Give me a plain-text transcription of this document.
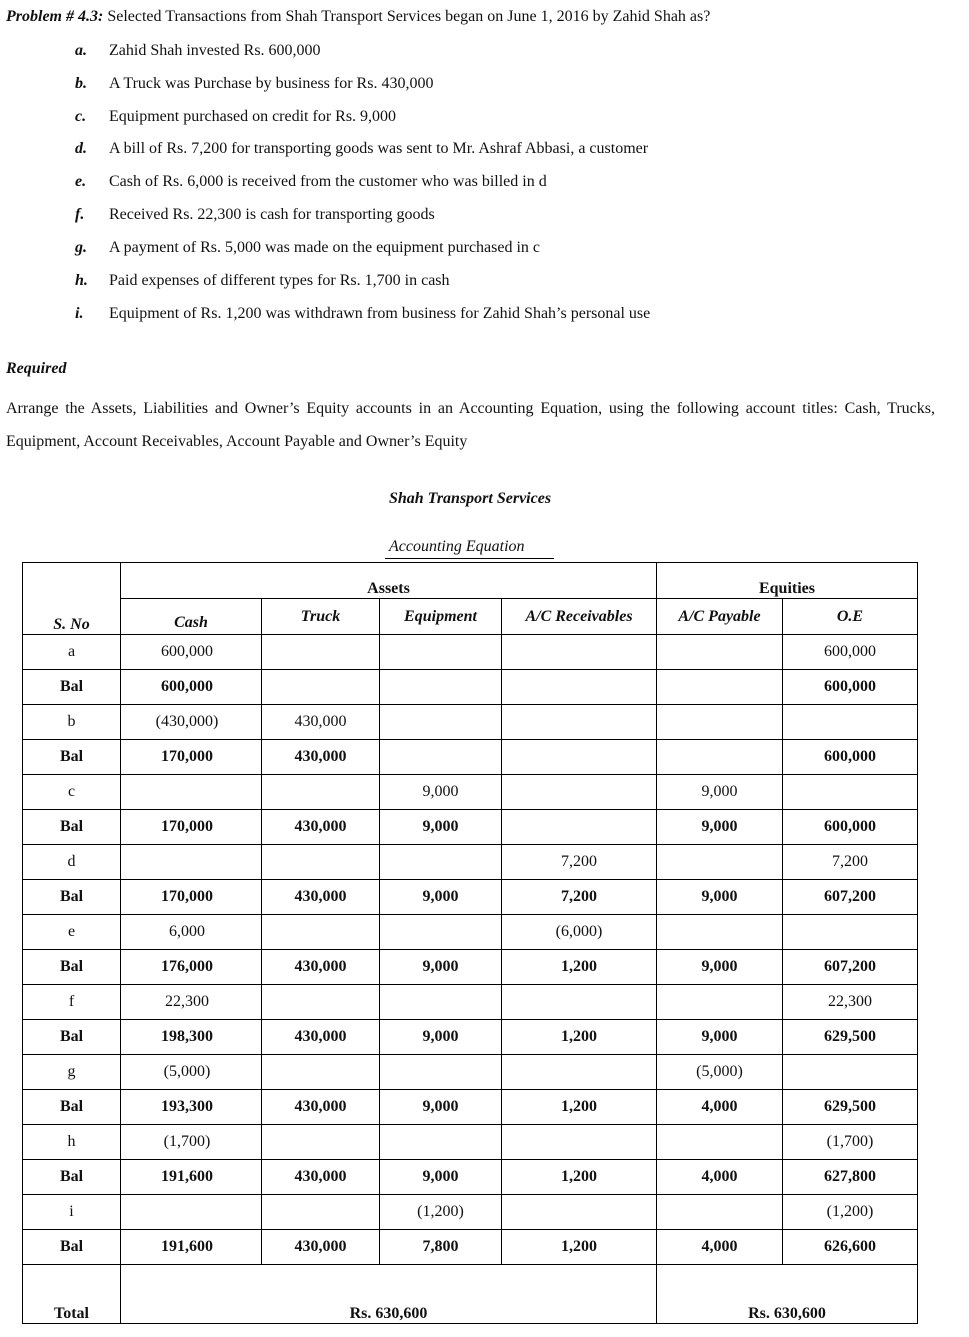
Problem # 4.3: Selected Transactions from Shah Transport Services began on June 1, 2016 by Zahid Shah as?
a. Zahid Shah invested Rs. 600,000
b. A Truck was Purchase by business for Rs. 430,000
c. Equipment purchased on credit for Rs. 9,000
d. A bill of Rs. 7,200 for transporting goods was sent to Mr. Ashraf Abbasi, a customer
e. Cash of Rs. 6,000 is received from the customer who was billed in d
f. Received Rs. 22,300 is cash for transporting goods
g. A payment of Rs. 5,000 was made on the equipment purchased in c
h. Paid expenses of different types for Rs. 1,700 in cash
i. Equipment of Rs. 1,200 was withdrawn from business for Zahid Shah’s personal use
Required
Arrange the Assets, Liabilities and Owner’s Equity accounts in an Accounting Equation, using the following account titles: Cash, Trucks, Equipment, Account Receivables, Account Payable and Owner’s Equity
Shah Transport Services
Accounting Equation
	Assets				Equities	
S. No	Cash	Truck	Equipment	A/C Receivables	A/C Payable	O.E
a	600,000					600,000
Bal	600,000					600,000
b	(430,000)	430,000				
Bal	170,000	430,000				600,000
c			9,000		9,000	
Bal	170,000	430,000	9,000		9,000	600,000
d				7,200		7,200
Bal	170,000	430,000	9,000	7,200	9,000	607,200
e	6,000			(6,000)		
Bal	176,000	430,000	9,000	1,200	9,000	607,200
f	22,300					22,300
Bal	198,300	430,000	9,000	1,200	9,000	629,500
g	(5,000)				(5,000)	
Bal	193,300	430,000	9,000	1,200	4,000	629,500
h	(1,700)					(1,700)
Bal	191,600	430,000	9,000	1,200	4,000	627,800
i			(1,200)			(1,200)
Bal	191,600	430,000	7,800	1,200	4,000	626,600
Total	Rs. 630,600				Rs. 630,600	
